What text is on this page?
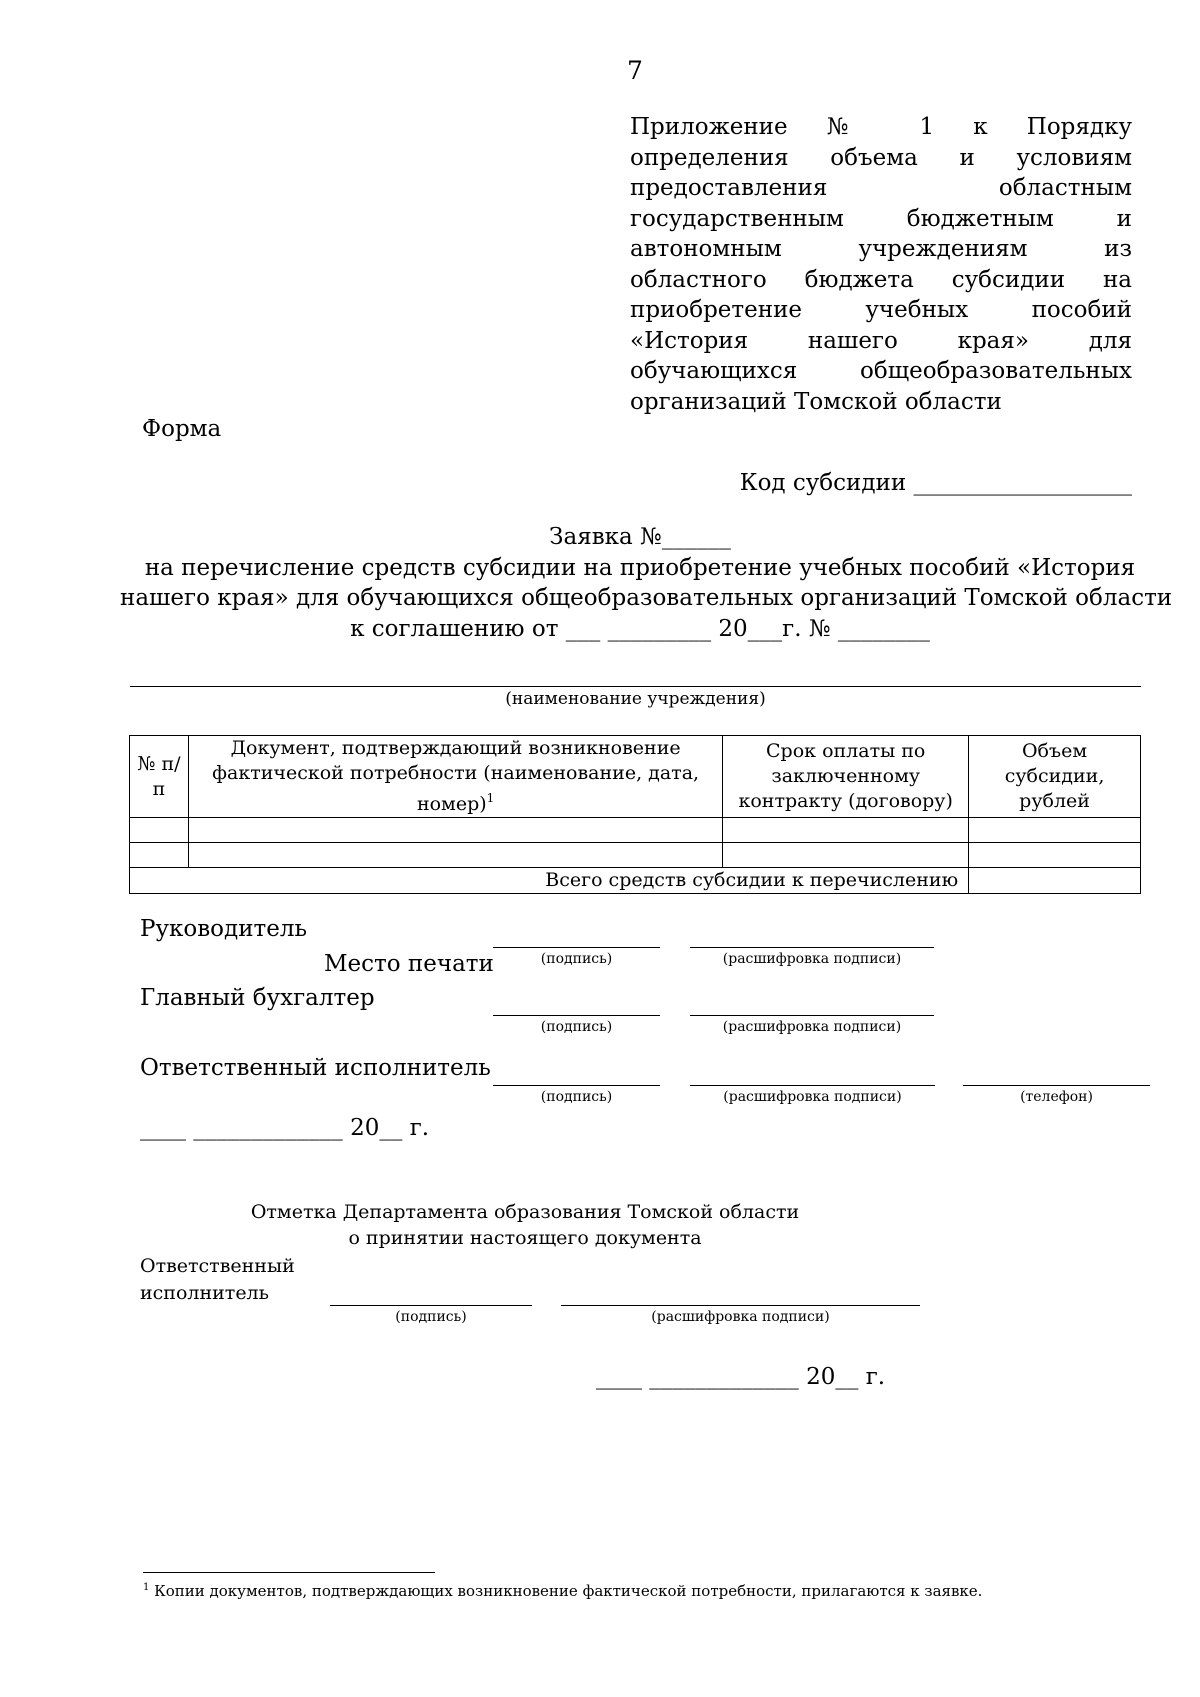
7
Приложение № 1 к Порядку определения объема и условиям предоставления областным государственным бюджетным и автономным учреждениям из областного бюджета субсидии на приобретение учебных пособий «История нашего края» для обучающихся общеобразовательных организаций Томской области
Форма
Код субсидии ___________________
Заявка №______
на перечисление средств субсидии на приобретение учебных пособий «История
нашего края» для обучающихся общеобразовательных организаций Томской области
к соглашению от ___ _________ 20___г. № ________
(наименование учреждения)
№ п/п	Документ, подтверждающий возникновение фактической потребности (наименование, дата, номер)$^1$	Срок оплаты по заключенному контракту (договору)	Объем субсидии, рублей

Всего средств субсидии к перечислению			
Руководитель
(подпись)	(расшифровка подписи)
Место печати
Главный бухгалтер
(подпись)	(расшифровка подписи)
Ответственный исполнитель
(подпись)	(расшифровка подписи)	(телефон)
____ _____________ 20__ г.
Отметка Департамента образования Томской области
о принятии настоящего документа
Ответственный
исполнитель
(подпись)	(расшифровка подписи)
____ _____________ 20__ г.
$^1$ Копии документов, подтверждающих возникновение фактической потребности, прилагаются к заявке.
